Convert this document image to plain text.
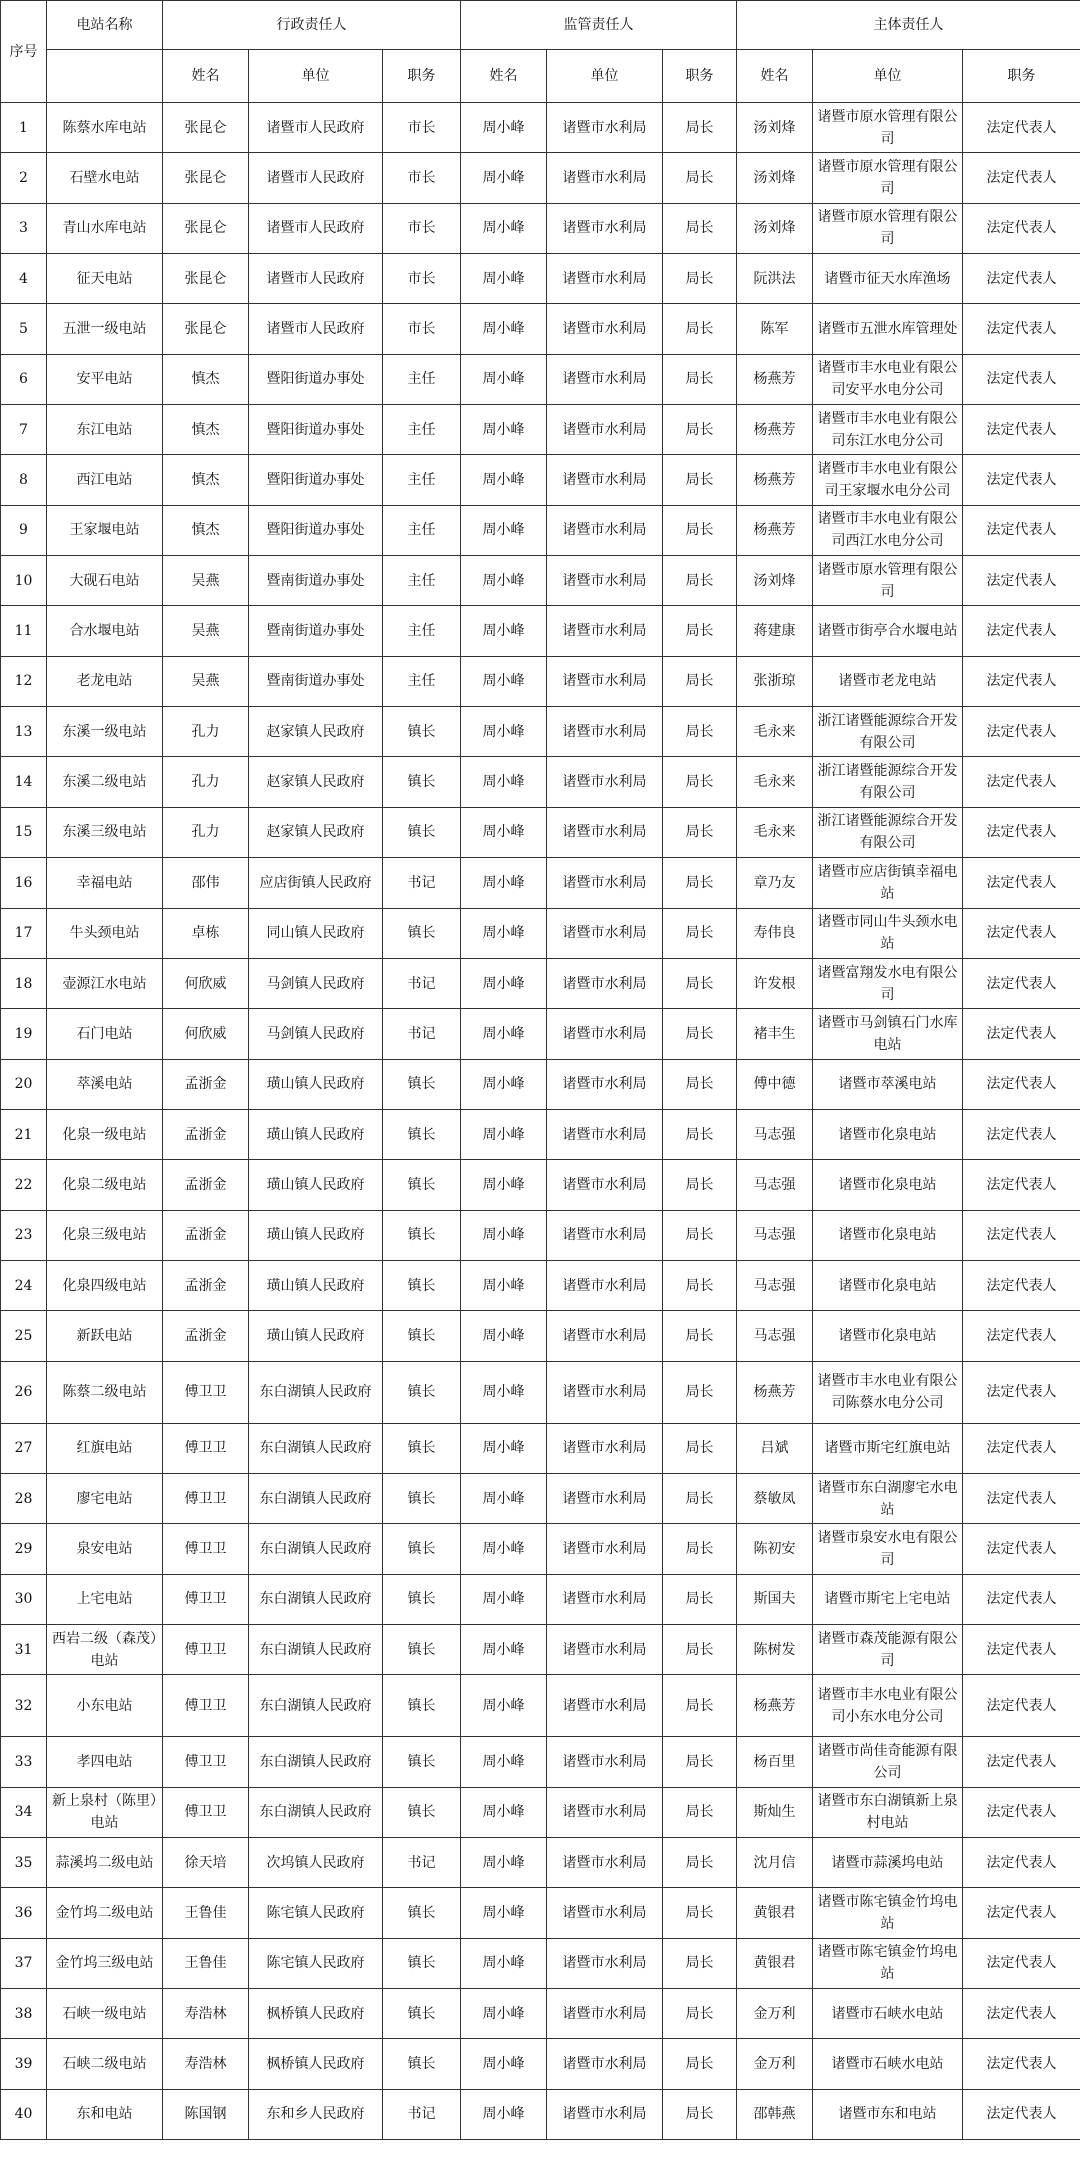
序号	电站名称	行政责任人			监管责任人			主体责任人		
		姓名	单位	职务	姓名	单位	职务	姓名	单位	职务
1	陈蔡水库电站	张昆仑	诸暨市人民政府	市长	周小峰	诸暨市水利局	局长	汤刘烽	诸暨市原水管理有限公司	法定代表人
2	石壁水电站	张昆仑	诸暨市人民政府	市长	周小峰	诸暨市水利局	局长	汤刘烽	诸暨市原水管理有限公司	法定代表人
3	青山水库电站	张昆仑	诸暨市人民政府	市长	周小峰	诸暨市水利局	局长	汤刘烽	诸暨市原水管理有限公司	法定代表人
4	征天电站	张昆仑	诸暨市人民政府	市长	周小峰	诸暨市水利局	局长	阮洪法	诸暨市征天水库渔场	法定代表人
5	五泄一级电站	张昆仑	诸暨市人民政府	市长	周小峰	诸暨市水利局	局长	陈军	诸暨市五泄水库管理处	法定代表人
6	安平电站	慎杰	暨阳街道办事处	主任	周小峰	诸暨市水利局	局长	杨燕芳	诸暨市丰水电业有限公司安平水电分公司	法定代表人
7	东江电站	慎杰	暨阳街道办事处	主任	周小峰	诸暨市水利局	局长	杨燕芳	诸暨市丰水电业有限公司东江水电分公司	法定代表人
8	西江电站	慎杰	暨阳街道办事处	主任	周小峰	诸暨市水利局	局长	杨燕芳	诸暨市丰水电业有限公司王家堰水电分公司	法定代表人
9	王家堰电站	慎杰	暨阳街道办事处	主任	周小峰	诸暨市水利局	局长	杨燕芳	诸暨市丰水电业有限公司西江水电分公司	法定代表人
10	大砚石电站	吴燕	暨南街道办事处	主任	周小峰	诸暨市水利局	局长	汤刘烽	诸暨市原水管理有限公司	法定代表人
11	合水堰电站	吴燕	暨南街道办事处	主任	周小峰	诸暨市水利局	局长	蒋建康	诸暨市街亭合水堰电站	法定代表人
12	老龙电站	吴燕	暨南街道办事处	主任	周小峰	诸暨市水利局	局长	张浙琼	诸暨市老龙电站	法定代表人
13	东溪一级电站	孔力	赵家镇人民政府	镇长	周小峰	诸暨市水利局	局长	毛永来	浙江诸暨能源综合开发有限公司	法定代表人
14	东溪二级电站	孔力	赵家镇人民政府	镇长	周小峰	诸暨市水利局	局长	毛永来	浙江诸暨能源综合开发有限公司	法定代表人
15	东溪三级电站	孔力	赵家镇人民政府	镇长	周小峰	诸暨市水利局	局长	毛永来	浙江诸暨能源综合开发有限公司	法定代表人
16	幸福电站	邵伟	应店街镇人民政府	书记	周小峰	诸暨市水利局	局长	章乃友	诸暨市应店街镇幸福电站	法定代表人
17	牛头颈电站	卓栋	同山镇人民政府	镇长	周小峰	诸暨市水利局	局长	寿伟良	诸暨市同山牛头颈水电站	法定代表人
18	壶源江水电站	何欣威	马剑镇人民政府	书记	周小峰	诸暨市水利局	局长	许发根	诸暨富翔发水电有限公司	法定代表人
19	石门电站	何欣威	马剑镇人民政府	书记	周小峰	诸暨市水利局	局长	褚丰生	诸暨市马剑镇石门水库电站	法定代表人
20	萃溪电站	孟浙金	璜山镇人民政府	镇长	周小峰	诸暨市水利局	局长	傅中德	诸暨市萃溪电站	法定代表人
21	化泉一级电站	孟浙金	璜山镇人民政府	镇长	周小峰	诸暨市水利局	局长	马志强	诸暨市化泉电站	法定代表人
22	化泉二级电站	孟浙金	璜山镇人民政府	镇长	周小峰	诸暨市水利局	局长	马志强	诸暨市化泉电站	法定代表人
23	化泉三级电站	孟浙金	璜山镇人民政府	镇长	周小峰	诸暨市水利局	局长	马志强	诸暨市化泉电站	法定代表人
24	化泉四级电站	孟浙金	璜山镇人民政府	镇长	周小峰	诸暨市水利局	局长	马志强	诸暨市化泉电站	法定代表人
25	新跃电站	孟浙金	璜山镇人民政府	镇长	周小峰	诸暨市水利局	局长	马志强	诸暨市化泉电站	法定代表人
26	陈蔡二级电站	傅卫卫	东白湖镇人民政府	镇长	周小峰	诸暨市水利局	局长	杨燕芳	诸暨市丰水电业有限公司陈蔡水电分公司	法定代表人
27	红旗电站	傅卫卫	东白湖镇人民政府	镇长	周小峰	诸暨市水利局	局长	吕斌	诸暨市斯宅红旗电站	法定代表人
28	廖宅电站	傅卫卫	东白湖镇人民政府	镇长	周小峰	诸暨市水利局	局长	蔡敏凤	诸暨市东白湖廖宅水电站	法定代表人
29	泉安电站	傅卫卫	东白湖镇人民政府	镇长	周小峰	诸暨市水利局	局长	陈初安	诸暨市泉安水电有限公司	法定代表人
30	上宅电站	傅卫卫	东白湖镇人民政府	镇长	周小峰	诸暨市水利局	局长	斯国夫	诸暨市斯宅上宅电站	法定代表人
31	西岩二级（森茂）电站	傅卫卫	东白湖镇人民政府	镇长	周小峰	诸暨市水利局	局长	陈树发	诸暨市森茂能源有限公司	法定代表人
32	小东电站	傅卫卫	东白湖镇人民政府	镇长	周小峰	诸暨市水利局	局长	杨燕芳	诸暨市丰水电业有限公司小东水电分公司	法定代表人
33	孝四电站	傅卫卫	东白湖镇人民政府	镇长	周小峰	诸暨市水利局	局长	杨百里	诸暨市尚佳奇能源有限公司	法定代表人
34	新上泉村（陈里）电站	傅卫卫	东白湖镇人民政府	镇长	周小峰	诸暨市水利局	局长	斯灿生	诸暨市东白湖镇新上泉村电站	法定代表人
35	蒜溪坞二级电站	徐天培	次坞镇人民政府	书记	周小峰	诸暨市水利局	局长	沈月信	诸暨市蒜溪坞电站	法定代表人
36	金竹坞二级电站	王鲁佳	陈宅镇人民政府	镇长	周小峰	诸暨市水利局	局长	黄银君	诸暨市陈宅镇金竹坞电站	法定代表人
37	金竹坞三级电站	王鲁佳	陈宅镇人民政府	镇长	周小峰	诸暨市水利局	局长	黄银君	诸暨市陈宅镇金竹坞电站	法定代表人
38	石峡一级电站	寿浩林	枫桥镇人民政府	镇长	周小峰	诸暨市水利局	局长	金万利	诸暨市石峡水电站	法定代表人
39	石峡二级电站	寿浩林	枫桥镇人民政府	镇长	周小峰	诸暨市水利局	局长	金万利	诸暨市石峡水电站	法定代表人
40	东和电站	陈国钢	东和乡人民政府	书记	周小峰	诸暨市水利局	局长	邵韩燕	诸暨市东和电站	法定代表人
